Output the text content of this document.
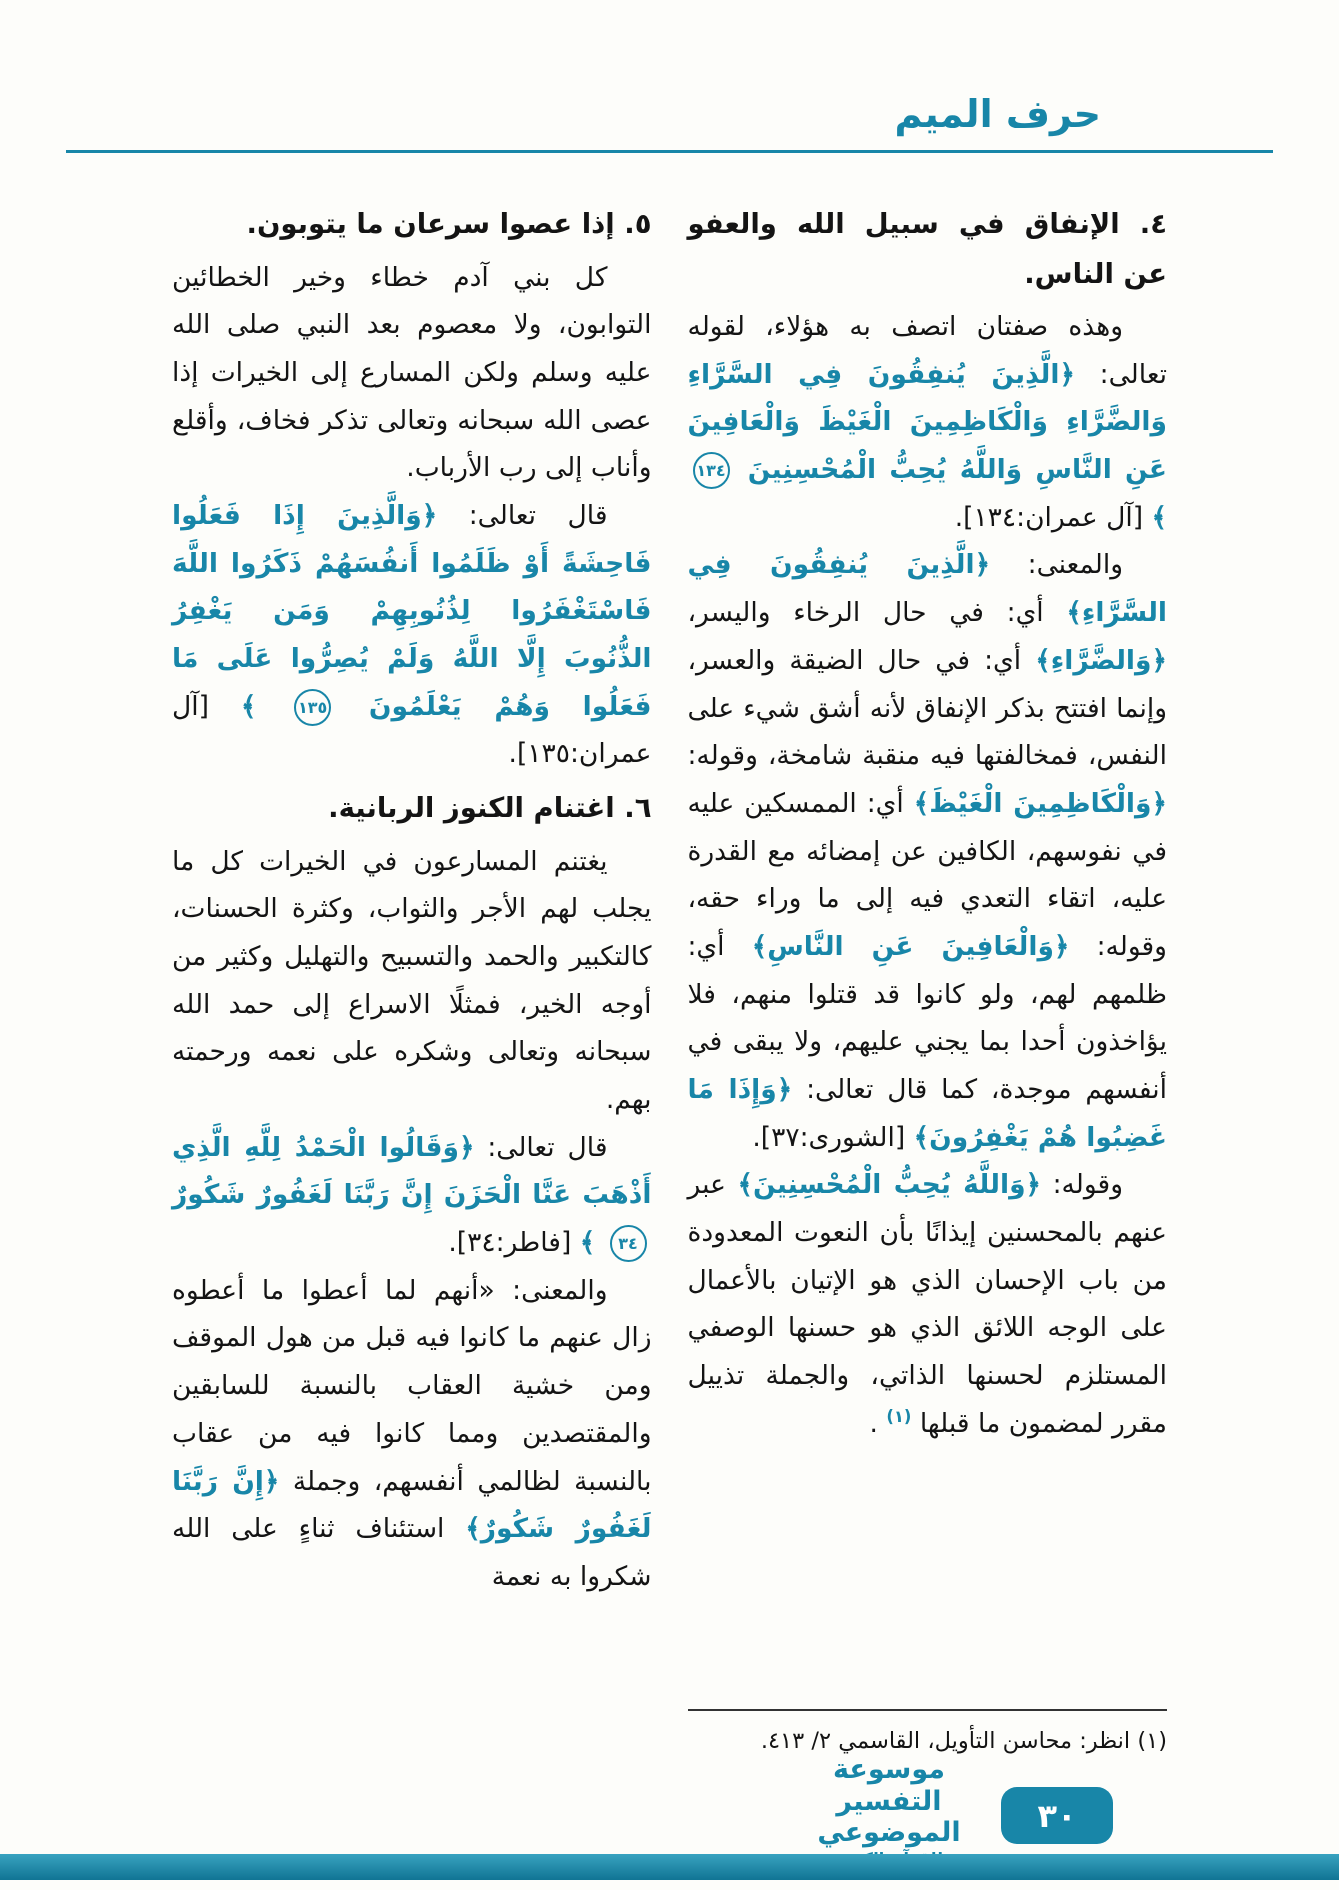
حرف الميم

٤. الإنفاق في سبيل الله والعفو عن الناس.

وهذه صفتان اتصف به هؤلاء، لقوله تعالى: ﴿الَّذِينَ يُنفِقُونَ فِي السَّرَّاءِ وَالضَّرَّاءِ وَالْكَاظِمِينَ الْغَيْظَ وَالْعَافِينَ عَنِ النَّاسِ وَاللَّهُ يُحِبُّ الْمُحْسِنِينَ ١٣٤ ﴾ [آل عمران:١٣٤].

والمعنى: ﴿الَّذِينَ يُنفِقُونَ فِي السَّرَّاءِ﴾ أي: في حال الرخاء واليسر، ﴿وَالضَّرَّاءِ﴾ أي: في حال الضيقة والعسر، وإنما افتتح بذكر الإنفاق لأنه أشق شيء على النفس، فمخالفتها فيه منقبة شامخة، وقوله: ﴿وَالْكَاظِمِينَ الْغَيْظَ﴾ أي: الممسكين عليه في نفوسهم، الكافين عن إمضائه مع القدرة عليه، اتقاء التعدي فيه إلى ما وراء حقه، وقوله: ﴿وَالْعَافِينَ عَنِ النَّاسِ﴾ أي: ظلمهم لهم، ولو كانوا قد قتلوا منهم، فلا يؤاخذون أحدا بما يجني عليهم، ولا يبقى في أنفسهم موجدة، كما قال تعالى: ﴿وَإِذَا مَا غَضِبُوا هُمْ يَغْفِرُونَ﴾ [الشورى:٣٧].

وقوله: ﴿وَاللَّهُ يُحِبُّ الْمُحْسِنِينَ﴾ عبر عنهم بالمحسنين إيذانًا بأن النعوت المعدودة من باب الإحسان الذي هو الإتيان بالأعمال على الوجه اللائق الذي هو حسنها الوصفي المستلزم لحسنها الذاتي، والجملة تذييل مقرر لمضمون ما قبلها $^{(١)}$ .

(١) انظر: محاسن التأويل، القاسمي ٢/ ٤١٣.

٥. إذا عصوا سرعان ما يتوبون.

كل بني آدم خطاء وخير الخطائين التوابون، ولا معصوم بعد النبي صلى الله عليه وسلم ولكن المسارع إلى الخيرات إذا عصى الله سبحانه وتعالى تذكر فخاف، وأقلع وأناب إلى رب الأرباب.

قال تعالى: ﴿وَالَّذِينَ إِذَا فَعَلُوا فَاحِشَةً أَوْ ظَلَمُوا أَنفُسَهُمْ ذَكَرُوا اللَّهَ فَاسْتَغْفَرُوا لِذُنُوبِهِمْ وَمَن يَغْفِرُ الذُّنُوبَ إِلَّا اللَّهُ وَلَمْ يُصِرُّوا عَلَى مَا فَعَلُوا وَهُمْ يَعْلَمُونَ ١٣٥ ﴾ [آل عمران:١٣٥].

٦. اغتنام الكنوز الربانية.

يغتنم المسارعون في الخيرات كل ما يجلب لهم الأجر والثواب، وكثرة الحسنات، كالتكبير والحمد والتسبيح والتهليل وكثير من أوجه الخير، فمثلًا الاسراع إلى حمد الله سبحانه وتعالى وشكره على نعمه ورحمته بهم.

قال تعالى: ﴿وَقَالُوا الْحَمْدُ لِلَّهِ الَّذِي أَذْهَبَ عَنَّا الْحَزَنَ إِنَّ رَبَّنَا لَغَفُورٌ شَكُورٌ ٣٤ ﴾ [فاطر:٣٤].

والمعنى: «أنهم لما أعطوا ما أعطوه زال عنهم ما كانوا فيه قبل من هول الموقف ومن خشية العقاب بالنسبة للسابقين والمقتصدين ومما كانوا فيه من عقاب بالنسبة لظالمي أنفسهم، وجملة ﴿إِنَّ رَبَّنَا لَغَفُورٌ شَكُورٌ﴾ استئناف ثناءٍ على الله شكروا به نعمة

موسوعة التفسير الموضوعي	٣٠
